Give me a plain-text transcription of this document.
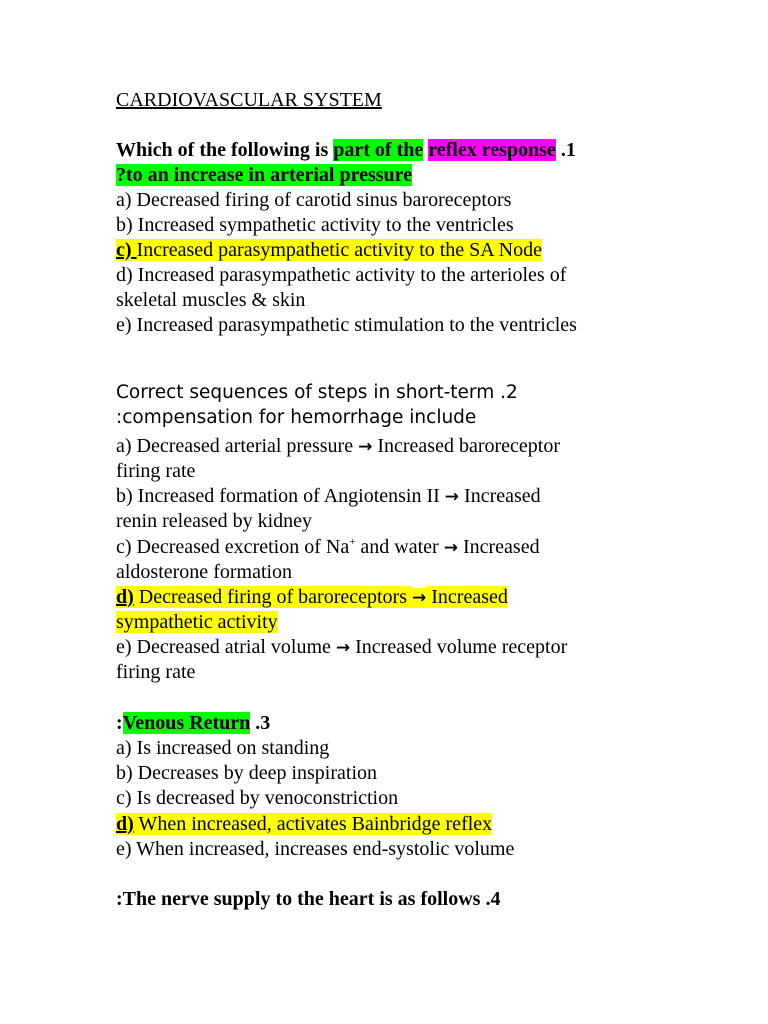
CARDIOVASCULAR SYSTEM
Which of the following is part of the reflex response .1
?to an increase in arterial pressure
a) Decreased firing of carotid sinus baroreceptors
b) Increased sympathetic activity to the ventricles
c) Increased parasympathetic activity to the SA Node
d) Increased parasympathetic activity to the arterioles of
skeletal muscles & skin
e) Increased parasympathetic stimulation to the ventricles
Correct sequences of steps in short-term .2
:compensation for hemorrhage include
a) Decreased arterial pressure → Increased baroreceptor
firing rate
b) Increased formation of Angiotensin II → Increased
renin released by kidney
c) Decreased excretion of Na+ and water → Increased
aldosterone formation
d) Decreased firing of baroreceptors → Increased
sympathetic activity
e) Decreased atrial volume → Increased volume receptor
firing rate
:Venous Return .3
a) Is increased on standing
b) Decreases by deep inspiration
c) Is decreased by venoconstriction
d) When increased, activates Bainbridge reflex
e) When increased, increases end-systolic volume
:The nerve supply to the heart is as follows .4
